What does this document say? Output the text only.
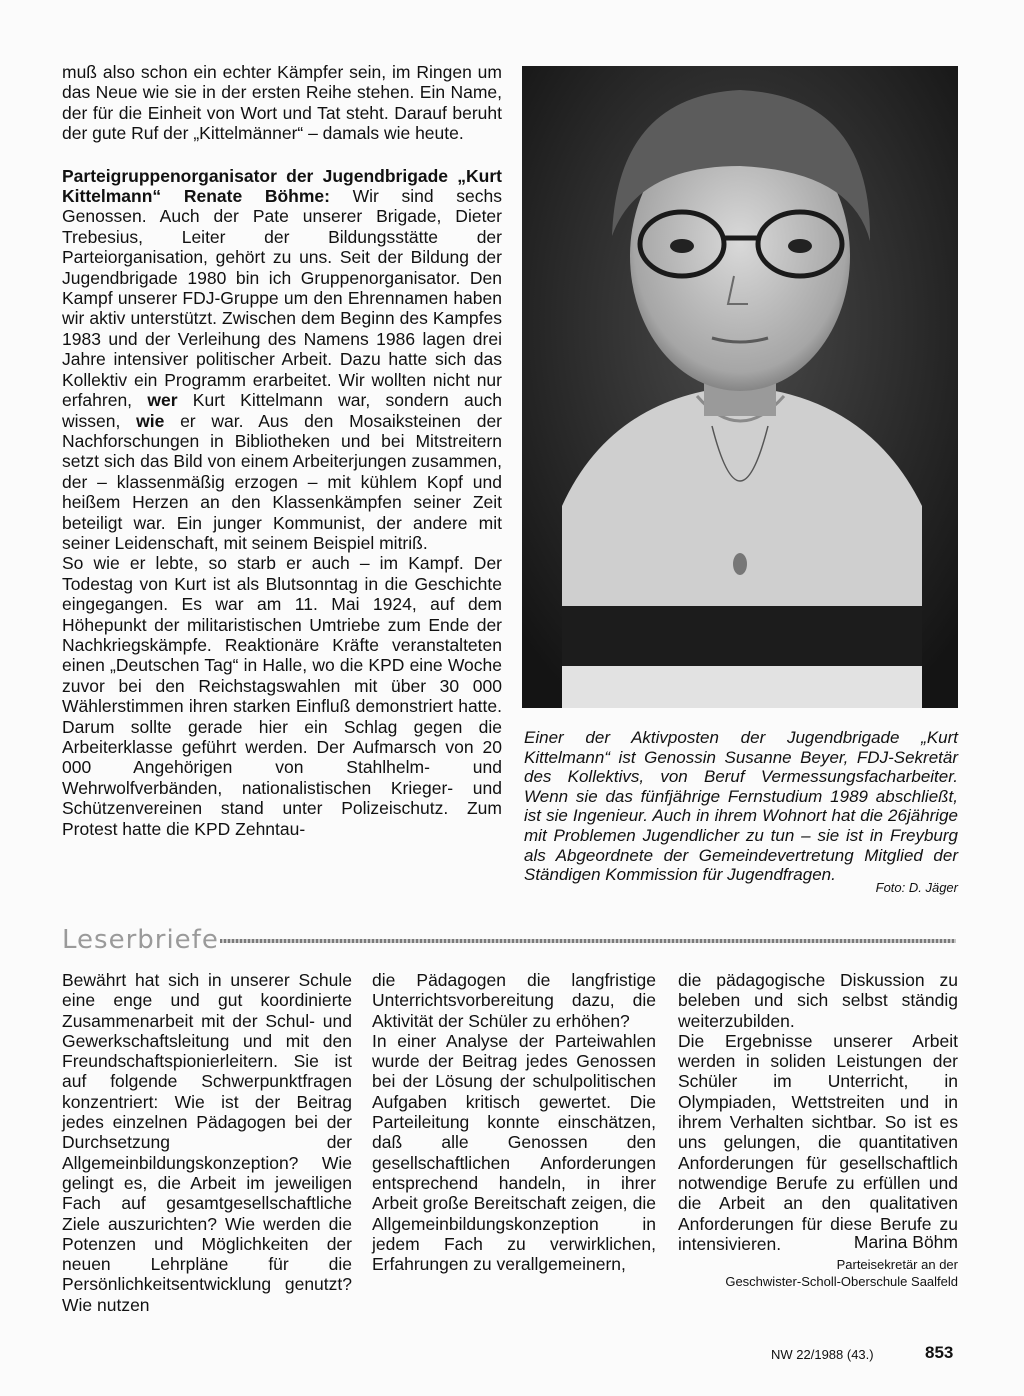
muß also schon ein echter Kämpfer sein, im Ringen um das Neue wie sie in der ersten Reihe stehen. Ein Name, der für die Einheit von Wort und Tat steht. Darauf beruht der gute Ruf der „Kittelmänner“ – damals wie heute.

Parteigruppenorganisator der Jugendbrigade „Kurt Kittelmann“ Renate Böhme: Wir sind sechs Genossen. Auch der Pate unserer Brigade, Dieter Trebesius, Leiter der Bildungsstätte der Parteiorganisation, gehört zu uns. Seit der Bildung der Jugendbrigade 1980 bin ich Gruppenorganisator. Den Kampf unserer FDJ-Gruppe um den Ehrennamen haben wir aktiv unterstützt. Zwischen dem Beginn des Kampfes 1983 und der Verleihung des Namens 1986 lagen drei Jahre intensiver politischer Arbeit. Dazu hatte sich das Kollektiv ein Programm erarbeitet. Wir wollten nicht nur erfahren, wer Kurt Kittelmann war, sondern auch wissen, wie er war. Aus den Mosaiksteinen der Nachforschungen in Bibliotheken und bei Mitstreitern setzt sich das Bild von einem Arbeiterjungen zusammen, der – klassenmäßig erzogen – mit kühlem Kopf und heißem Herzen an den Klassenkämpfen seiner Zeit beteiligt war. Ein junger Kommunist, der andere mit seiner Leidenschaft, mit seinem Beispiel mitriß.

So wie er lebte, so starb er auch – im Kampf. Der Todestag von Kurt ist als Blutsonntag in die Geschichte eingegangen. Es war am 11. Mai 1924, auf dem Höhepunkt der militaristischen Umtriebe zum Ende der Nachkriegskämpfe. Reaktionäre Kräfte veranstalteten einen „Deutschen Tag“ in Halle, wo die KPD eine Woche zuvor bei den Reichstagswahlen mit über 30 000 Wählerstimmen ihren starken Einfluß demonstriert hatte. Darum sollte gerade hier ein Schlag gegen die Arbeiterklasse geführt werden. Der Aufmarsch von 20 000 Angehörigen von Stahlhelm- und Wehrwolfverbänden, nationalistischen Krieger- und Schützenvereinen stand unter Polizeischutz. Zum Protest hatte die KPD Zehntau-

Einer der Aktivposten der Jugendbrigade „Kurt Kittelmann“ ist Genossin Susanne Beyer, FDJ-Sekretär des Kollektivs, von Beruf Vermessungsfacharbeiter. Wenn sie das fünfjährige Fernstudium 1989 abschließt, ist sie Ingenieur. Auch in ihrem Wohnort hat die 26jährige mit Problemen Jugendlicher zu tun – sie ist in Freyburg als Abgeordnete der Gemeindevertretung Mitglied der Ständigen Kommission für Jugendfragen.
Foto: D. Jäger
Leserbriefe

Bewährt hat sich in unserer Schule eine enge und gut koordinierte Zusammenarbeit mit der Schul- und Gewerkschaftsleitung und mit den Freundschaftspionierleitern. Sie ist auf folgende Schwerpunktfragen konzentriert: Wie ist der Beitrag jedes einzelnen Pädagogen bei der Durchsetzung der Allgemeinbildungskonzeption? Wie gelingt es, die Arbeit im jeweiligen Fach auf gesamtgesellschaftliche Ziele auszurichten? Wie werden die Potenzen und Möglichkeiten der neuen Lehrpläne für die Persönlichkeitsentwicklung genutzt? Wie nutzen

die Pädagogen die langfristige Unterrichtsvorbereitung dazu, die Aktivität der Schüler zu erhöhen?

In einer Analyse der Parteiwahlen wurde der Beitrag jedes Genossen bei der Lösung der schulpolitischen Aufgaben kritisch gewertet. Die Parteileitung konnte einschätzen, daß alle Genossen den gesellschaftlichen Anforderungen entsprechend handeln, in ihrer Arbeit große Bereitschaft zeigen, die Allgemeinbildungskonzeption in jedem Fach zu verwirklichen, Erfahrungen zu verallgemeinern,

die pädagogische Diskussion zu beleben und sich selbst ständig weiterzubilden.

Die Ergebnisse unserer Arbeit werden in soliden Leistungen der Schüler im Unterricht, in Olympiaden, Wettstreiten und in ihrem Verhalten sichtbar. So ist es uns gelungen, die quantitativen Anforderungen für gesellschaftlich notwendige Berufe zu erfüllen und die Arbeit an den qualitativen Anforderungen für diese Berufe zu intensivieren.	Marina Böhm
Parteisekretär an der
Geschwister-Scholl-Oberschule Saalfeld
NW 22/1988 (43.)	853
